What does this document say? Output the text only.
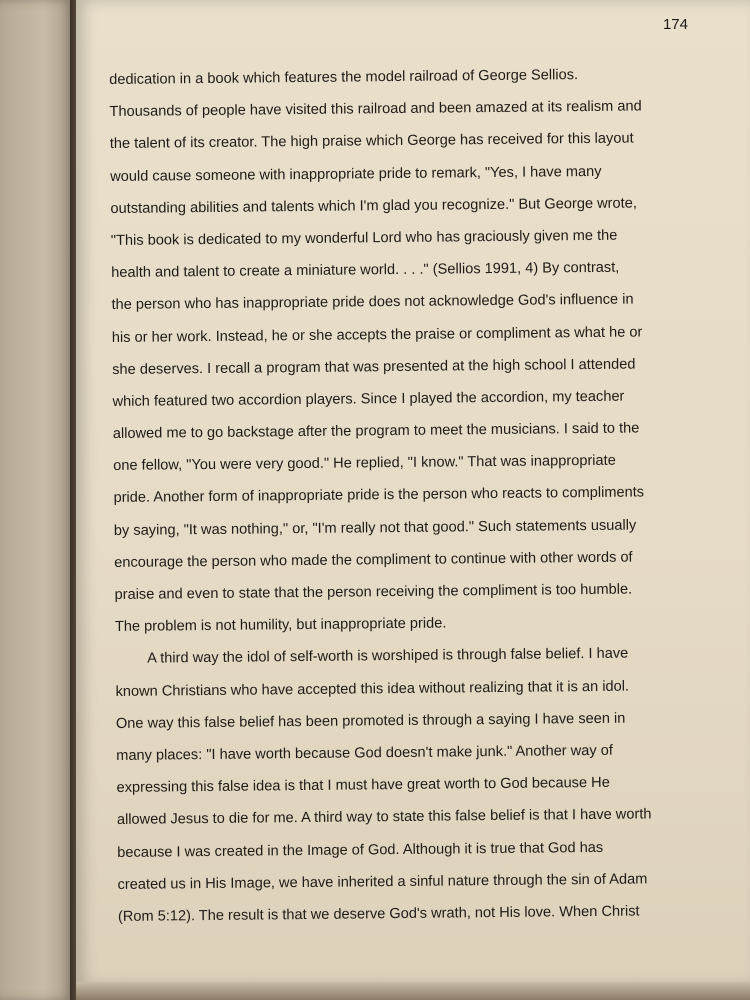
174
dedication in a book which features the model railroad of George Sellios.
Thousands of people have visited this railroad and been amazed at its realism and
the talent of its creator. The high praise which George has received for this layout
would cause someone with inappropriate pride to remark, "Yes, I have many
outstanding abilities and talents which I'm glad you recognize." But George wrote,
"This book is dedicated to my wonderful Lord who has graciously given me the
health and talent to create a miniature world. . . ." (Sellios 1991, 4) By contrast,
the person who has inappropriate pride does not acknowledge God's influence in
his or her work. Instead, he or she accepts the praise or compliment as what he or
she deserves. I recall a program that was presented at the high school I attended
which featured two accordion players. Since I played the accordion, my teacher
allowed me to go backstage after the program to meet the musicians. I said to the
one fellow, "You were very good." He replied, "I know." That was inappropriate
pride. Another form of inappropriate pride is the person who reacts to compliments
by saying, "It was nothing," or, "I'm really not that good." Such statements usually
encourage the person who made the compliment to continue with other words of
praise and even to state that the person receiving the compliment is too humble.
The problem is not humility, but inappropriate pride.
A third way the idol of self-worth is worshiped is through false belief. I have
known Christians who have accepted this idea without realizing that it is an idol.
One way this false belief has been promoted is through a saying I have seen in
many places: "I have worth because God doesn't make junk." Another way of
expressing this false idea is that I must have great worth to God because He
allowed Jesus to die for me. A third way to state this false belief is that I have worth
because I was created in the Image of God. Although it is true that God has
created us in His Image, we have inherited a sinful nature through the sin of Adam
(Rom 5:12). The result is that we deserve God's wrath, not His love. When Christ
